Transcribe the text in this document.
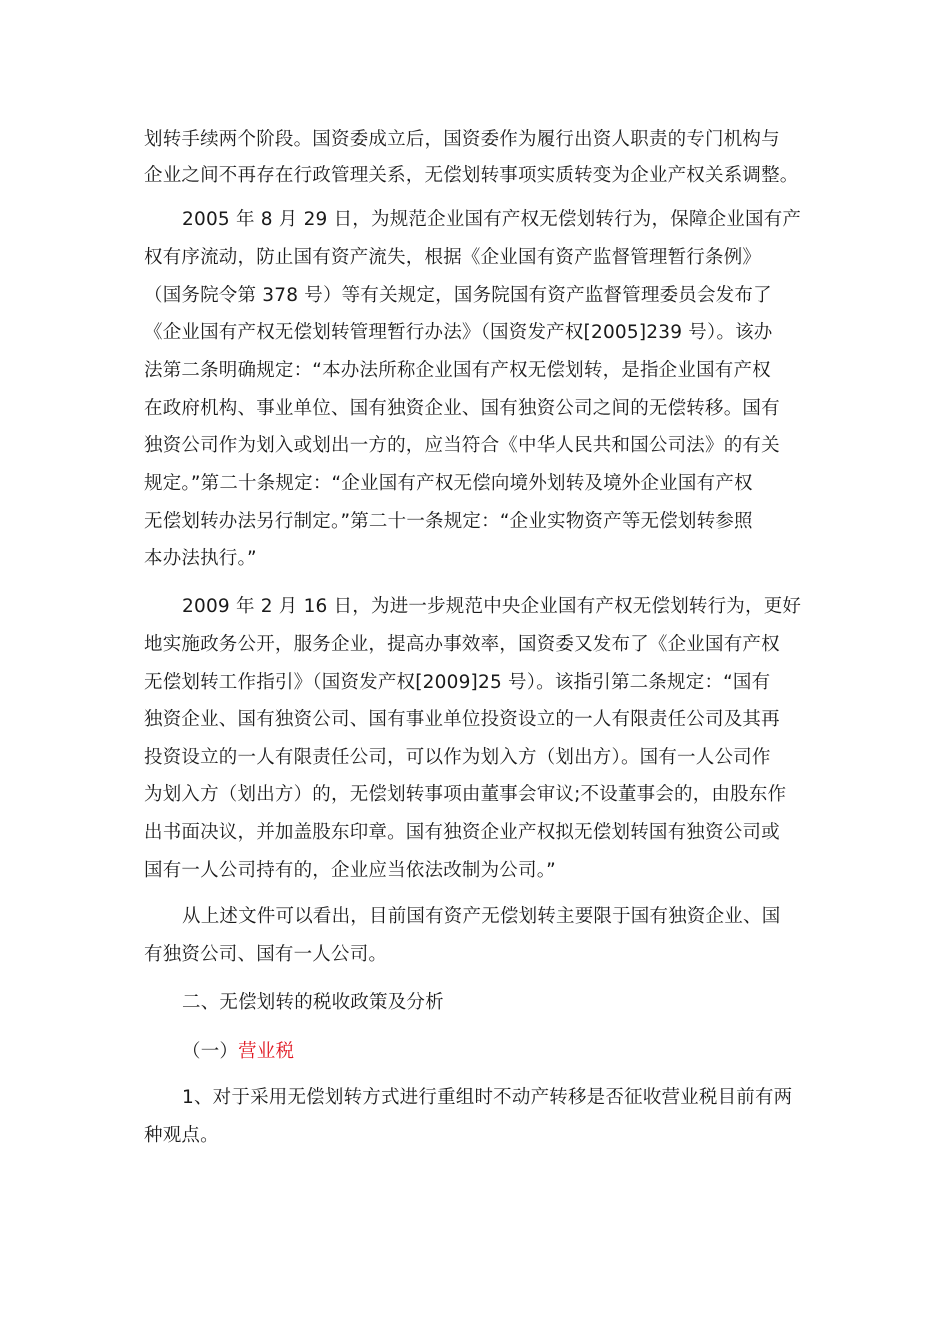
划转手续两个阶段。国资委成立后，国资委作为履行出资人职责的专门机构与
企业之间不再存在行政管理关系，无偿划转事项实质转变为企业产权关系调整。
2005 年 8 月 29 日，为规范企业国有产权无偿划转行为，保障企业国有产
权有序流动，防止国有资产流失，根据《企业国有资产监督管理暂行条例》
（国务院令第 378 号）等有关规定，国务院国有资产监督管理委员会发布了
《企业国有产权无偿划转管理暂行办法》（国资发产权[2005]239 号）。该办
法第二条明确规定：“本办法所称企业国有产权无偿划转，是指企业国有产权
在政府机构、事业单位、国有独资企业、国有独资公司之间的无偿转移。国有
独资公司作为划入或划出一方的，应当符合《中华人民共和国公司法》的有关
规定。”第二十条规定：“企业国有产权无偿向境外划转及境外企业国有产权
无偿划转办法另行制定。”第二十一条规定：“企业实物资产等无偿划转参照
本办法执行。”
2009 年 2 月 16 日，为进一步规范中央企业国有产权无偿划转行为，更好
地实施政务公开，服务企业，提高办事效率，国资委又发布了《企业国有产权
无偿划转工作指引》（国资发产权[2009]25 号）。该指引第二条规定：“国有
独资企业、国有独资公司、国有事业单位投资设立的一人有限责任公司及其再
投资设立的一人有限责任公司，可以作为划入方（划出方）。国有一人公司作
为划入方（划出方）的，无偿划转事项由董事会审议;不设董事会的，由股东作
出书面决议，并加盖股东印章。国有独资企业产权拟无偿划转国有独资公司或
国有一人公司持有的，企业应当依法改制为公司。”
从上述文件可以看出，目前国有资产无偿划转主要限于国有独资企业、国
有独资公司、国有一人公司。
二、无偿划转的税收政策及分析
（一）营业税
1、对于采用无偿划转方式进行重组时不动产转移是否征收营业税目前有两
种观点。
